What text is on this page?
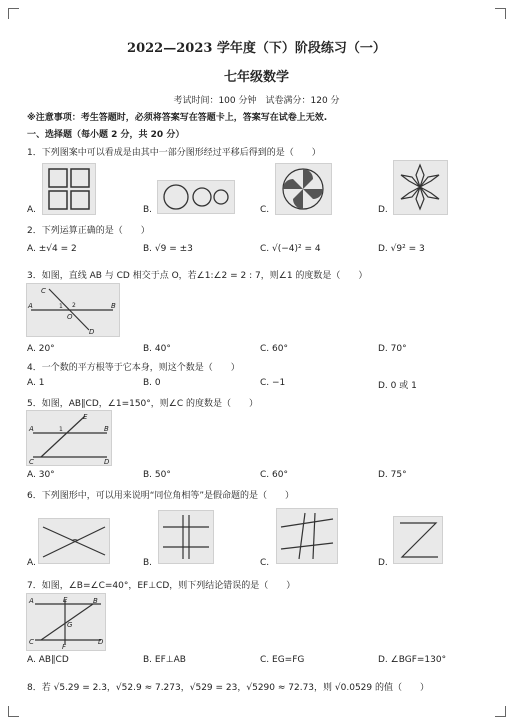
2022—2023 学年度（下）阶段练习（一）
七年级数学
考试时间：100 分钟　试卷满分：120 分
※注意事项：考生答题时，必须将答案写在答题卡上，答案写在试卷上无效.
一、选择题（每小题 2 分，共 20 分）
1．下列图案中可以看成是由其中一部分图形经过平移后得到的是（　　）
A.	B.	C.	D.
2．下列运算正确的是（　　）
A. ±√4 = 2	B. √9 = ±3	C. √(−4)² = 4	D. √9² = 3
3．如图，直线 AB 与 CD 相交于点 O，若∠1:∠2 = 2 : 7，则∠1 的度数是（　　）
C
A	B
D
O
1 2
A. 20°	B. 40°	C. 60°	D. 70°
4．一个数的平方根等于它本身，则这个数是（　　）
A. 1	B. 0	C. −1	D. 0 或 1
5．如图，AB∥CD，∠1=150°，则∠C 的度数是（　　）
E
A	B
C	D
1
A. 30°	B. 50°	C. 60°	D. 75°
6．下列图形中，可以用来说明“同位角相等”是假命题的是（　　）
A.	B.	C.	D.
7．如图，∠B=∠C=40°，EF⊥CD，则下列结论错误的是（　　）
A	E	B
G
C
F
D
A. AB∥CD	B. EF⊥AB	C. EG=FG	D. ∠BGF=130°
8．若 √5.29 = 2.3，√52.9 ≈ 7.273，√529 = 23，√5290 ≈ 72.73，则 √0.0529 的值（　　）
